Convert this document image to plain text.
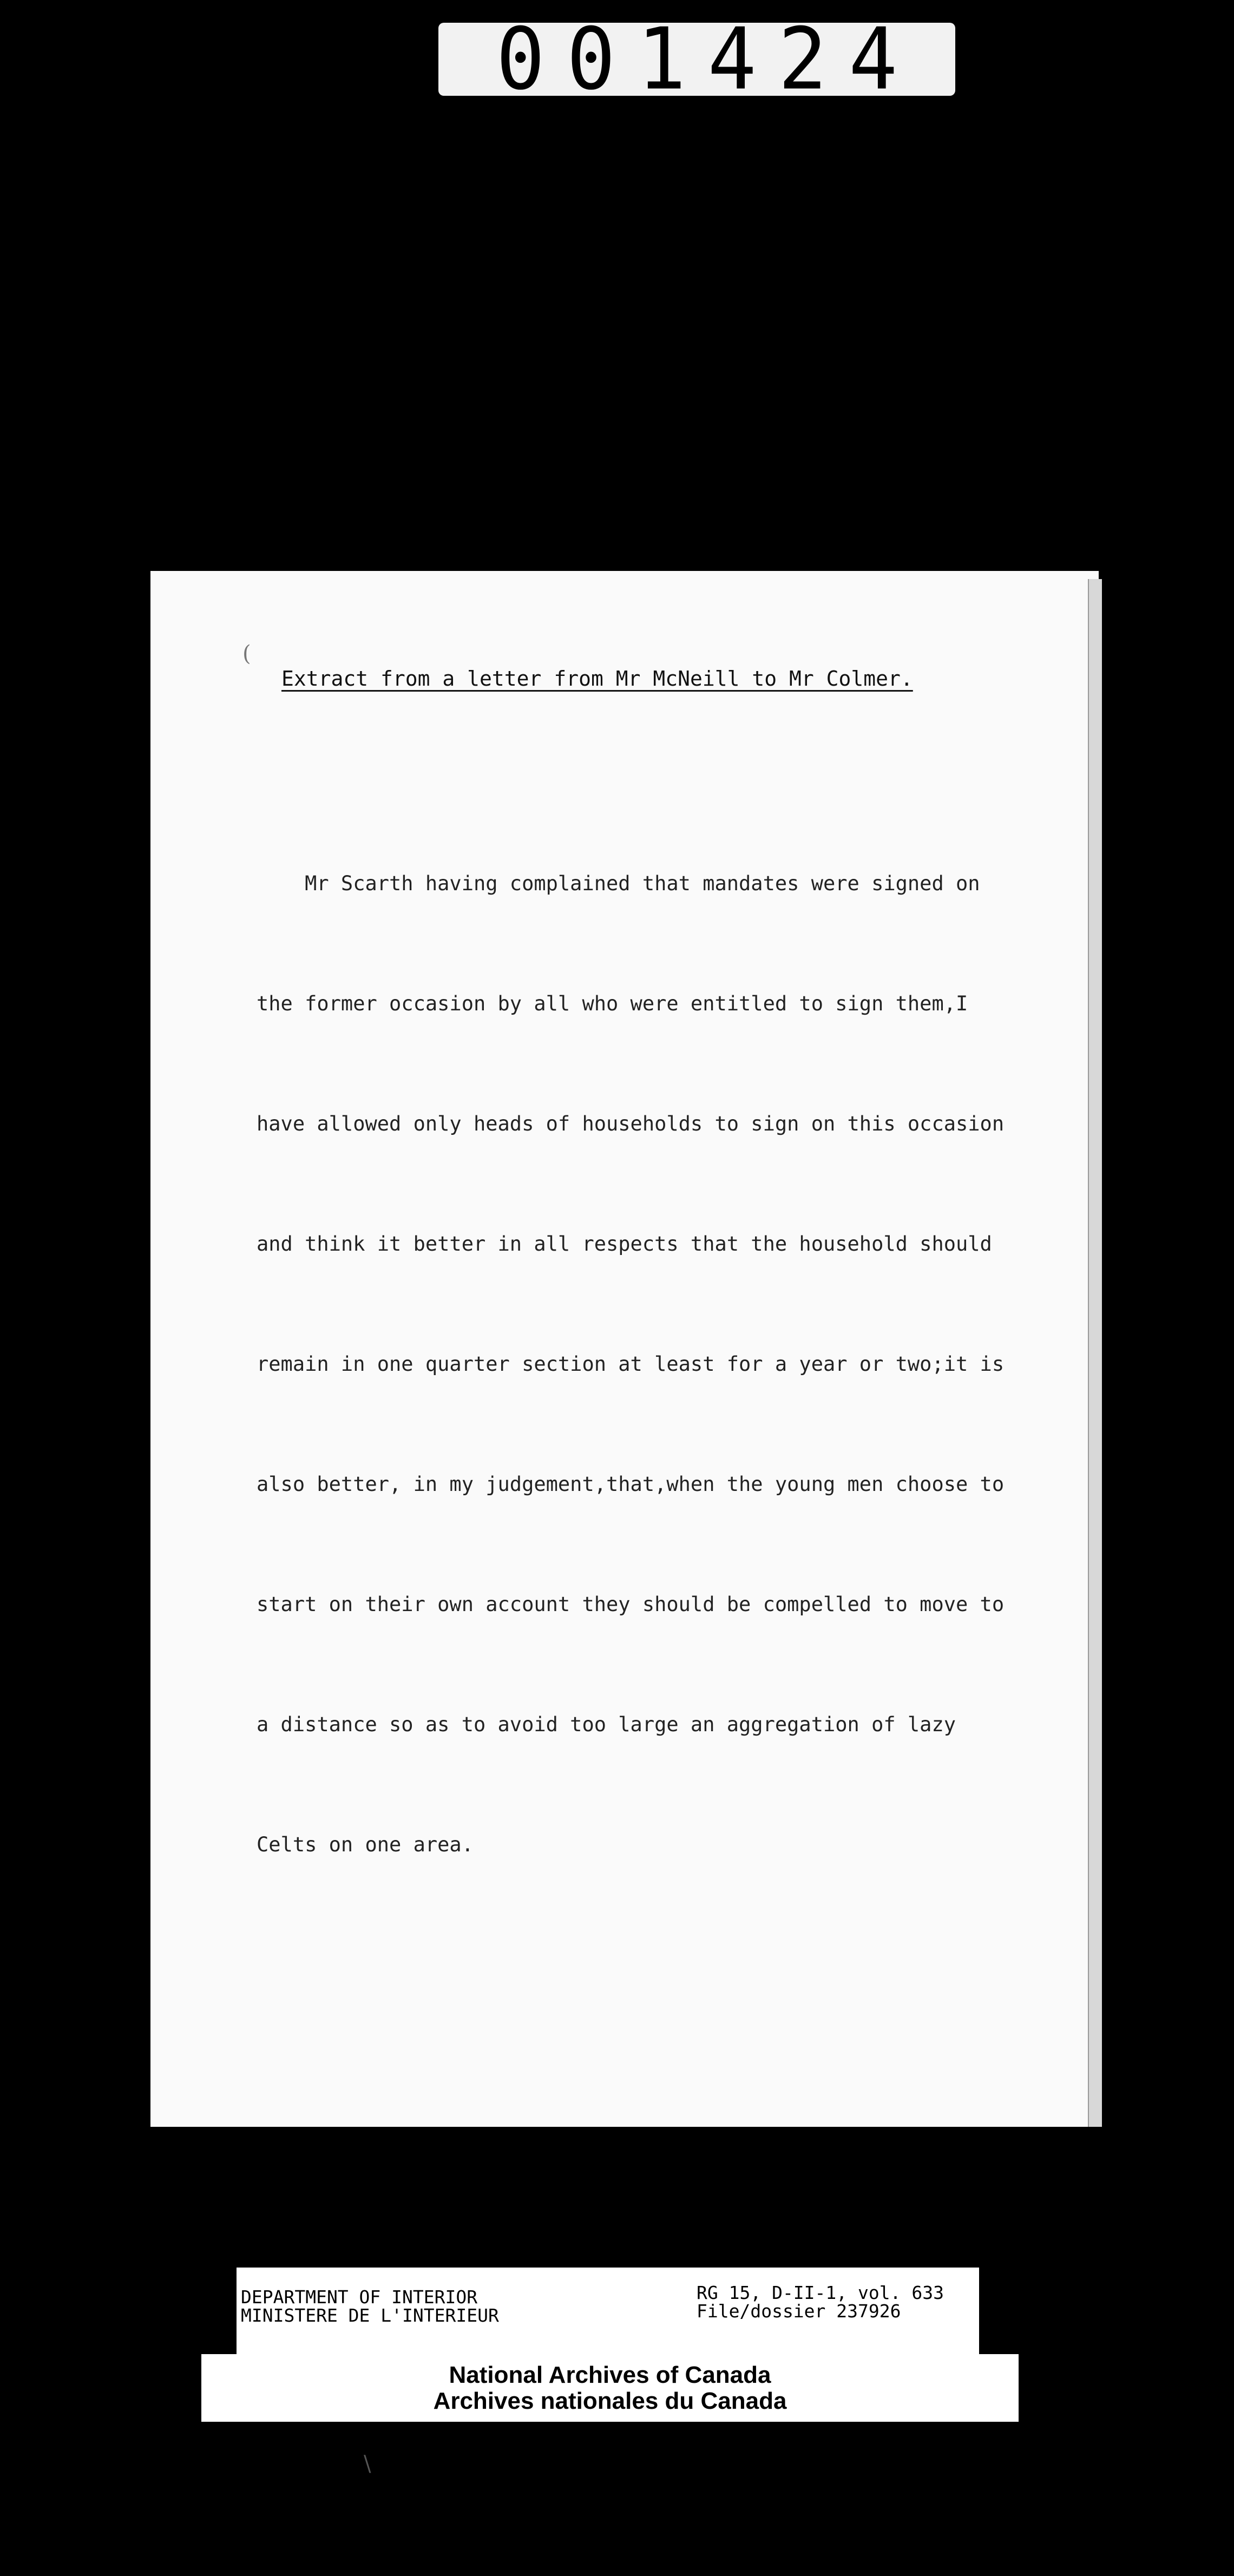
001424
(
Extract from a letter from Mr McNeill to Mr Colmer.

Mr Scarth having complained that mandates were signed on

the former occasion by all who were entitled to sign them,I

have allowed only heads of households to sign on this occasion

and think it better in all respects that the household should

remain in one quarter section at least for a year or two;it is

also better, in my judgement,that,when the young men choose to

start on their own account they should be compelled to move to

a distance so as to avoid too large an aggregation of lazy

Celts on one area.

DEPARTMENT OF INTERIOR
MINISTERE DE L'INTERIEUR
RG 15, D-II-1, vol. 633
File/dossier 237926
National Archives of Canada
Archives nationales du Canada
\
